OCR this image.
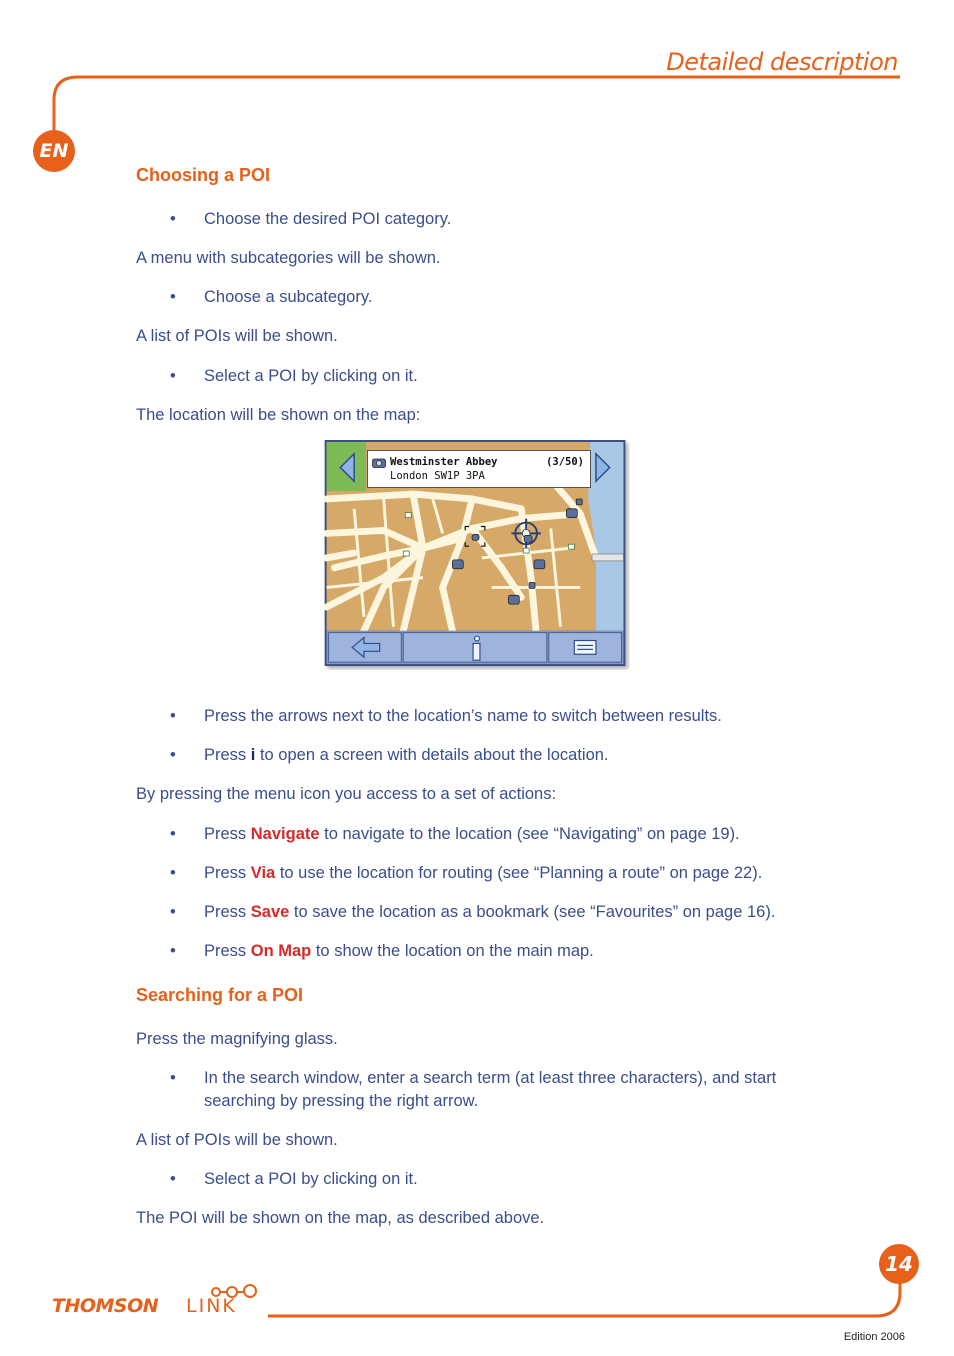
Detailed description
EN
Choosing a POI
• Choose the desired POI category.
A menu with subcategories will be shown.
• Choose a subcategory.
A list of POIs will be shown.
• Select a POI by clicking on it.
The location will be shown on the map:
Westminster Abbey	(3/50)
London SW1P 3PA
• Press the arrows next to the location’s name to switch between results.
• Press i to open a screen with details about the location.
By pressing the menu icon you access to a set of actions:
• Press Navigate to navigate to the location (see “Navigating” on page 19).
• Press Via to use the location for routing (see “Planning a route” on page 22).
• Press Save to save the location as a bookmark (see “Favourites” on page 16).
• Press On Map to show the location on the main map.
Searching for a POI
Press the magnifying glass.
• In the search window, enter a search term (at least three characters), and start searching by pressing the right arrow.
A list of POIs will be shown.
• Select a POI by clicking on it.
The POI will be shown on the map, as described above.
14
THOMSON LINK
Edition 2006
